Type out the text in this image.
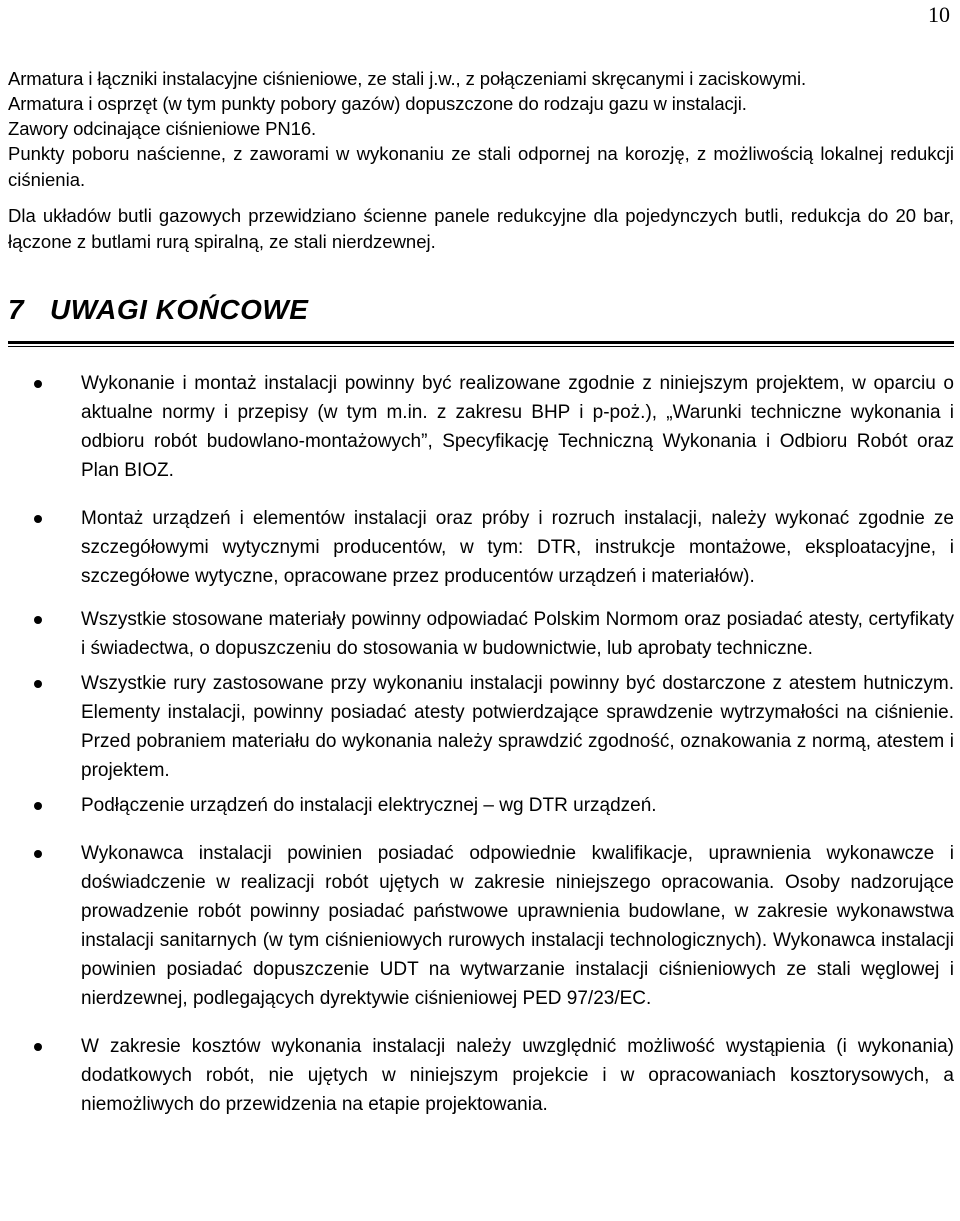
10

Armatura i łączniki instalacyjne ciśnieniowe, ze stali j.w., z połączeniami skręcanymi i zaciskowymi.

Armatura i osprzęt (w tym punkty pobory gazów) dopuszczone do rodzaju gazu w instalacji.

Zawory odcinające ciśnieniowe PN16.

Punkty poboru naścienne, z zaworami w wykonaniu ze stali odpornej na korozję, z możliwością lokalnej redukcji ciśnienia.

Dla układów butli gazowych przewidziano ścienne panele redukcyjne dla pojedynczych butli, redukcja do 20 bar, łączone z butlami rurą spiralną, ze stali nierdzewnej.

7 UWAGI KOŃCOWE
Wykonanie i montaż instalacji powinny być realizowane zgodnie z niniejszym projektem, w oparciu o aktualne normy i przepisy (w tym m.in. z zakresu BHP i p-poż.), „Warunki techniczne wykonania i odbioru robót budowlano-montażowych”, Specyfikację Techniczną Wykonania i Odbioru Robót oraz Plan BIOZ.
Montaż urządzeń i elementów instalacji oraz próby i rozruch instalacji, należy wykonać zgodnie ze szczegółowymi wytycznymi producentów, w tym: DTR, instrukcje montażowe, eksploatacyjne, i szczegółowe wytyczne, opracowane przez producentów urządzeń i materiałów).
Wszystkie stosowane materiały powinny odpowiadać Polskim Normom oraz posiadać atesty, certyfikaty i świadectwa, o dopuszczeniu do stosowania w budownictwie, lub aprobaty techniczne.
Wszystkie rury zastosowane przy wykonaniu instalacji powinny być dostarczone z atestem hutniczym. Elementy instalacji, powinny posiadać atesty potwierdzające sprawdzenie wytrzymałości na ciśnienie. Przed pobraniem materiału do wykonania należy sprawdzić zgodność, oznakowania z normą, atestem i projektem.
Podłączenie urządzeń do instalacji elektrycznej – wg DTR urządzeń.
Wykonawca instalacji powinien posiadać odpowiednie kwalifikacje, uprawnienia wykonawcze i doświadczenie w realizacji robót ujętych w zakresie niniejszego opracowania. Osoby nadzorujące prowadzenie robót powinny posiadać państwowe uprawnienia budowlane, w zakresie wykonawstwa instalacji sanitarnych (w tym ciśnieniowych rurowych instalacji technologicznych). Wykonawca instalacji powinien posiadać dopuszczenie UDT na wytwarzanie instalacji ciśnieniowych ze stali węglowej i nierdzewnej, podlegających dyrektywie ciśnieniowej PED 97/23/EC.
W zakresie kosztów wykonania instalacji należy uwzględnić możliwość wystąpienia (i wykonania) dodatkowych robót, nie ujętych w niniejszym projekcie i w opracowaniach kosztorysowych, a niemożliwych do przewidzenia na etapie projektowania.
